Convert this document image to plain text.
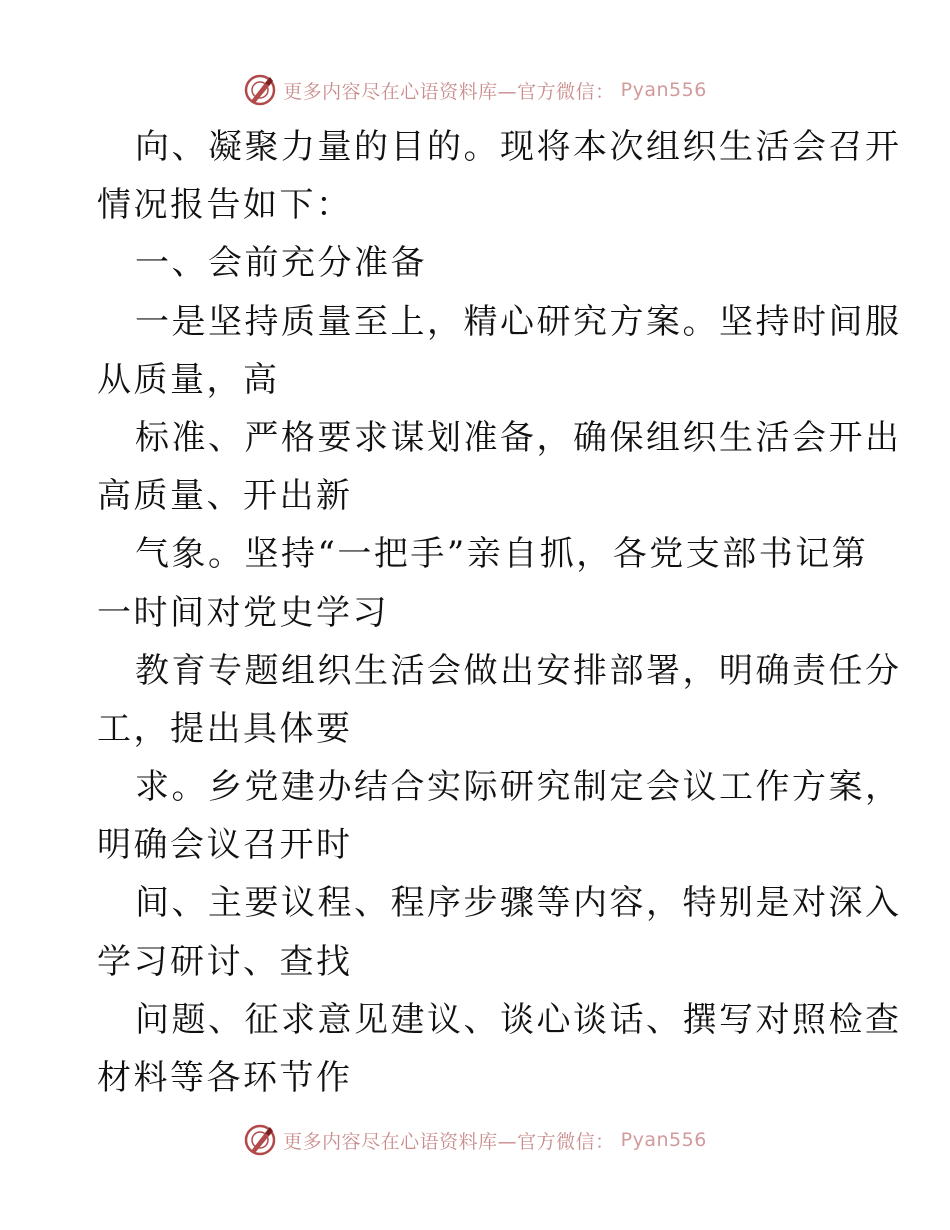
更多内容尽在心语资料库—官方微信： Pyan556
向、凝聚力量的目的。现将本次组织生活会召开
情况报告如下：
一、会前充分准备
一是坚持质量至上，精心研究方案。坚持时间服
从质量，高
标准、严格要求谋划准备，确保组织生活会开出
高质量、开出新
气象。坚持“一把手”亲自抓，各党支部书记第
一时间对党史学习
教育专题组织生活会做出安排部署，明确责任分
工，提出具体要
求。乡党建办结合实际研究制定会议工作方案，
明确会议召开时
间、主要议程、程序步骤等内容，特别是对深入
学习研讨、查找
问题、征求意见建议、谈心谈话、撰写对照检查
材料等各环节作
更多内容尽在心语资料库—官方微信： Pyan556
